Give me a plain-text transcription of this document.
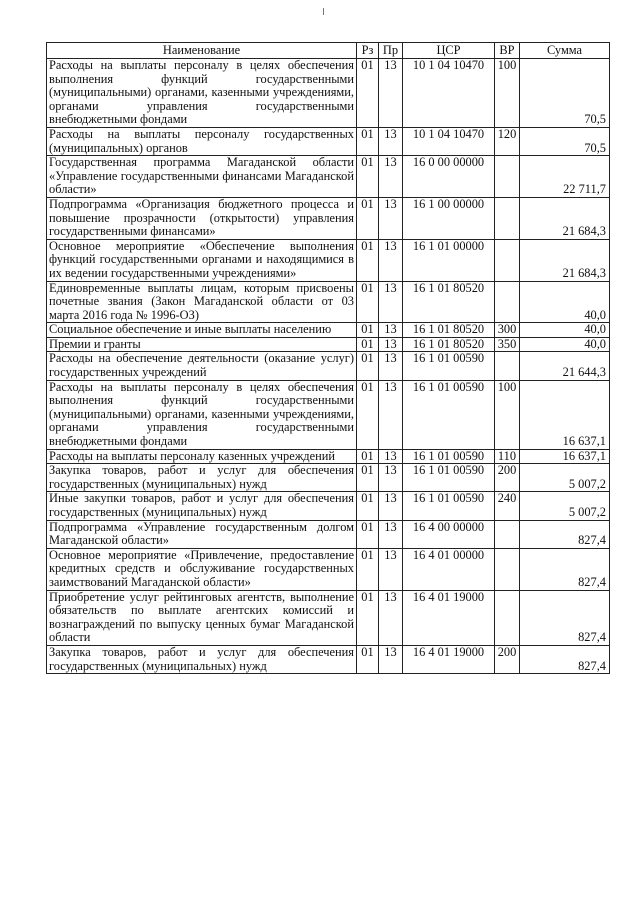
Наименование	Рз	Пр	ЦСР	ВР	Сумма
Расходы на выплаты персоналу в целях обеспечения выполнения функций государственными (муниципальными) органами, казенными учреждениями, органами управления государственными внебюджетными фондами	01	13	10 1 04 10470	100	70,5
Расходы на выплаты персоналу государственных (муниципальных) органов	01	13	10 1 04 10470	120	70,5
Государственная программа Магаданской области «Управление государственными финансами Магаданской области»	01	13	16 0 00 00000		22 711,7
Подпрограмма «Организация бюджетного процесса и повышение прозрачности (открытости) управления государственными финансами»	01	13	16 1 00 00000		21 684,3
Основное мероприятие «Обеспечение выполнения функций государственными органами и находящимися в их ведении государственными учреждениями»	01	13	16 1 01 00000		21 684,3
Единовременные выплаты лицам, которым присвоены почетные звания (Закон Магаданской области от 03 марта 2016 года № 1996-ОЗ)	01	13	16 1 01 80520		40,0
Социальное обеспечение и иные выплаты населению	01	13	16 1 01 80520	300	40,0
Премии и гранты	01	13	16 1 01 80520	350	40,0
Расходы на обеспечение деятельности (оказание услуг) государственных учреждений	01	13	16 1 01 00590		21 644,3
Расходы на выплаты персоналу в целях обеспечения выполнения функций государственными (муниципальными) органами, казенными учреждениями, органами управления государственными внебюджетными фондами	01	13	16 1 01 00590	100	16 637,1
Расходы на выплаты персоналу казенных учреждений	01	13	16 1 01 00590	110	16 637,1
Закупка товаров, работ и услуг для обеспечения государственных (муниципальных) нужд	01	13	16 1 01 00590	200	5 007,2
Иные закупки товаров, работ и услуг для обеспечения государственных (муниципальных) нужд	01	13	16 1 01 00590	240	5 007,2
Подпрограмма «Управление государственным долгом Магаданской области»	01	13	16 4 00 00000		827,4
Основное мероприятие «Привлечение, предоставление кредитных средств и обслуживание государственных заимствований Магаданской области»	01	13	16 4 01 00000		827,4
Приобретение услуг рейтинговых агентств, выполнение обязательств по выплате агентских комиссий и вознаграждений по выпуску ценных бумаг Магаданской области	01	13	16 4 01 19000		827,4
Закупка товаров, работ и услуг для обеспечения государственных (муниципальных) нужд	01	13	16 4 01 19000	200	827,4
